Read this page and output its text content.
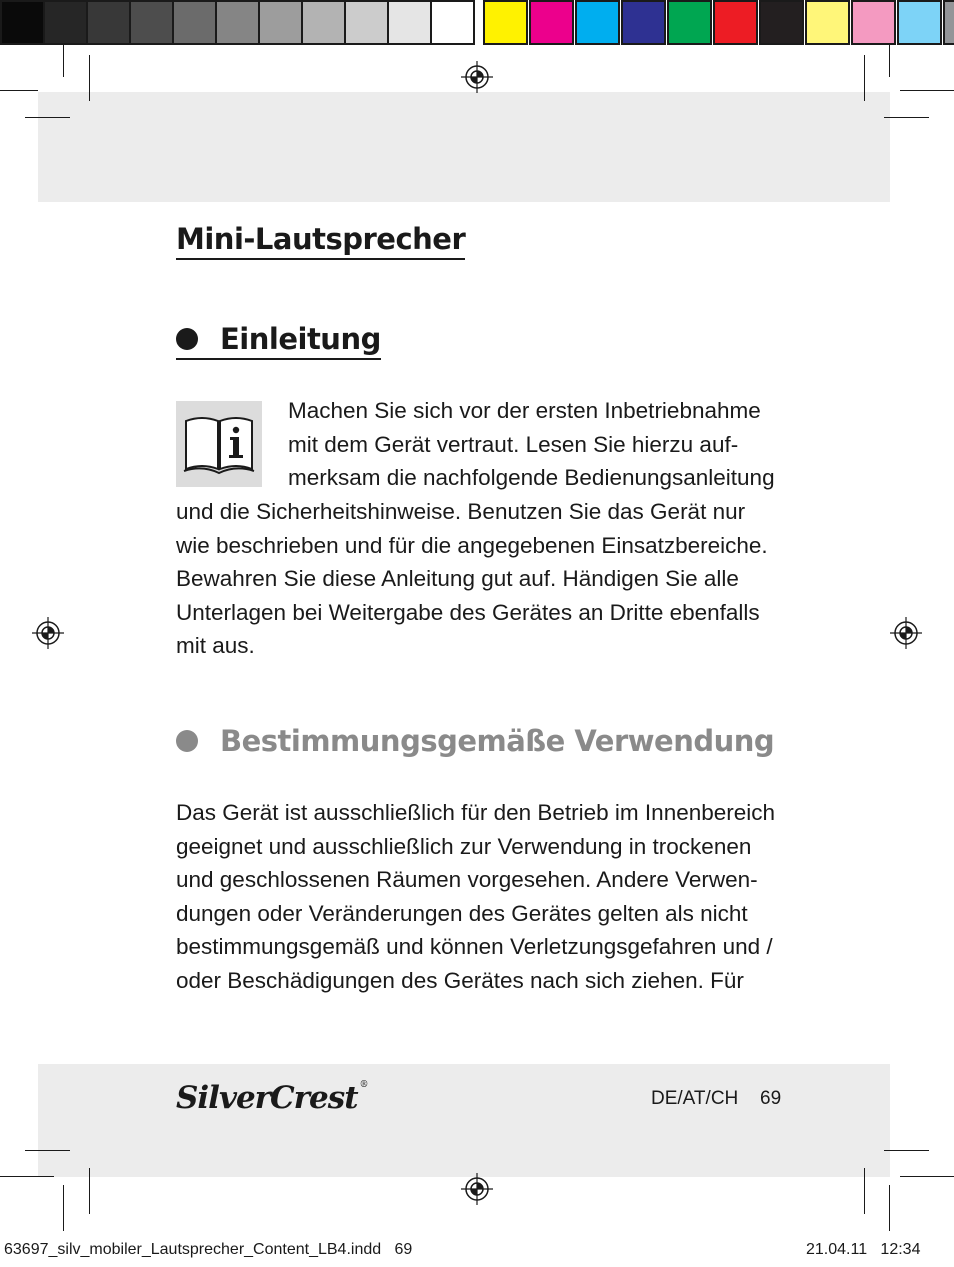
Mini-Lautsprecher
Einleitung
Machen Sie sich vor der ersten Inbetriebnahme
mit dem Gerät vertraut. Lesen Sie hierzu auf-
merksam die nachfolgende Bedienungsanleitung
und die Sicherheitshinweise. Benutzen Sie das Gerät nur
wie beschrieben und für die angegebenen Einsatzbereiche.
Bewahren Sie diese Anleitung gut auf. Händigen Sie alle
Unterlagen bei Weitergabe des Gerätes an Dritte ebenfalls
mit aus.
Bestimmungsgemäße Verwendung
Das Gerät ist ausschließlich für den Betrieb im Innenbereich
geeignet und ausschließlich zur Verwendung in trockenen
und geschlossenen Räumen vorgesehen. Andere Verwen-
dungen oder Veränderungen des Gerätes gelten als nicht
bestimmungsgemäß und können Verletzungsgefahren und /
oder Beschädigungen des Gerätes nach sich ziehen. Für
SilverCrest ®
DE/AT/CH 69
63697_silv_mobiler_Lautsprecher_Content_LB4.indd   69	21.04.11   12:34
